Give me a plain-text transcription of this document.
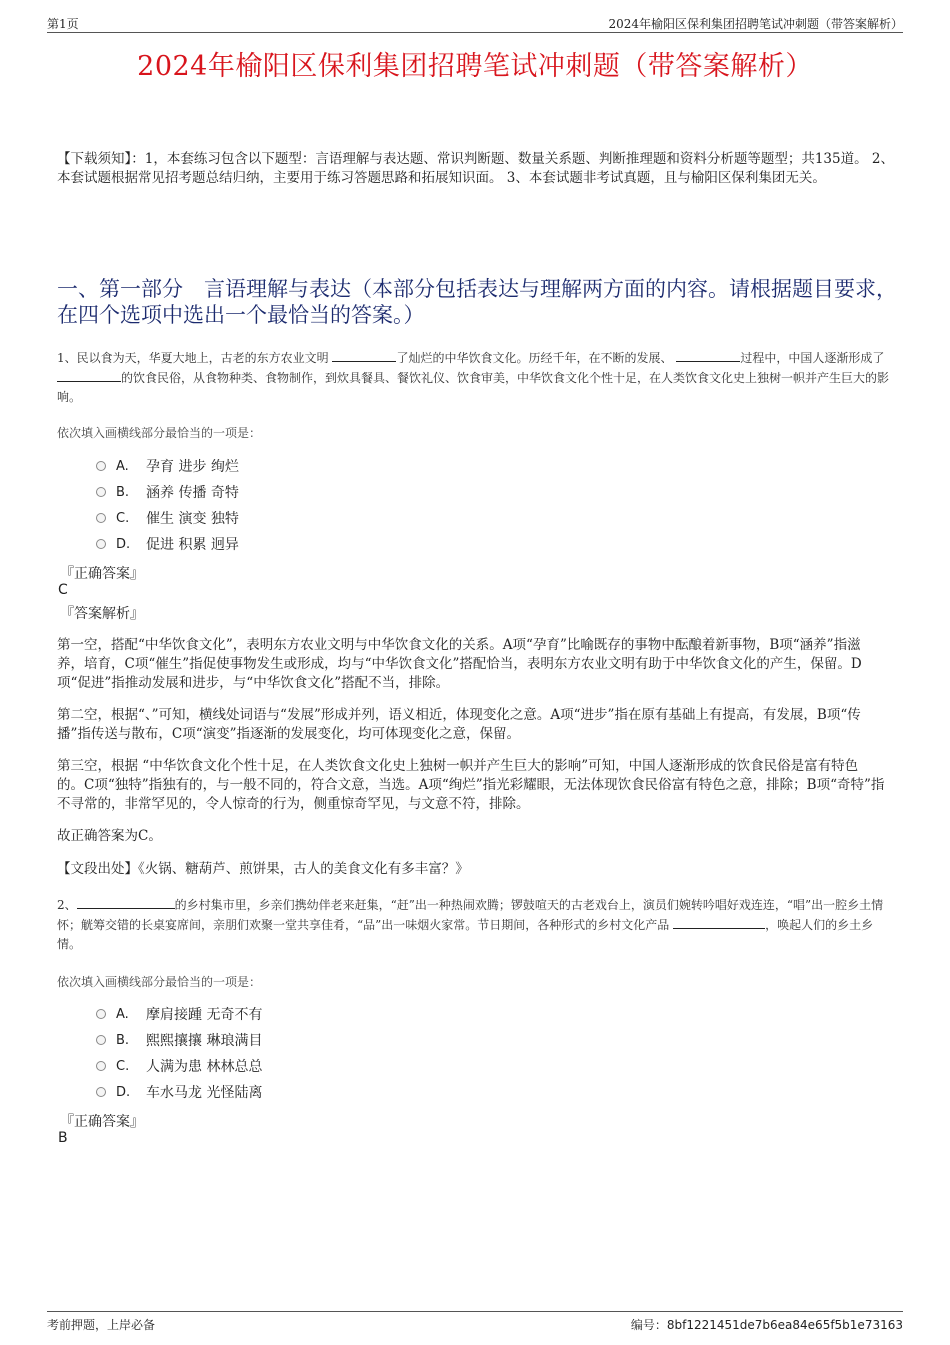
第1页	2024年榆阳区保利集团招聘笔试冲刺题（带答案解析）
2024年榆阳区保利集团招聘笔试冲刺题（带答案解析）
【下载须知】：1，本套练习包含以下题型：言语理解与表达题、常识判断题、数量关系题、判断推理题和资料分析题等题型；共135道。 2、本套试题根据常见招考题总结归纳，主要用于练习答题思路和拓展知识面。 3、本套试题非考试真题，且与榆阳区保利集团无关。
一、第一部分　言语理解与表达（本部分包括表达与理解两方面的内容。请根据题目要求，在四个选项中选出一个最恰当的答案。）
1、民以食为天，华夏大地上，古老的东方农业文明	了灿烂的中华饮食文化。历经千年，在不断的发展、	过程中，中国人逐渐形成了 的饮食民俗，从食物种类、食物制作，到炊具餐具、餐饮礼仪、饮食审美，中华饮食文化个性十足，在人类饮食文化史上独树一帜并产生巨大的影响。
依次填入画横线部分最恰当的一项是：
A.	孕育 进步 绚烂
B.	涵养 传播 奇特
C.	催生 演变 独特
D.	促进 积累 迥异
『正确答案』
C
『答案解析』
第一空，搭配“中华饮食文化”，表明东方农业文明与中华饮食文化的关系。A项“孕育”比喻既存的事物中酝酿着新事物，B项“涵养”指滋养，培育，C项“催生”指促使事物发生或形成，均与“中华饮食文化”搭配恰当，表明东方农业文明有助于中华饮食文化的产生，保留。D项“促进”指推动发展和进步，与“中华饮食文化”搭配不当，排除。
第二空，根据“、”可知，横线处词语与“发展”形成并列，语义相近，体现变化之意。A项“进步”指在原有基础上有提高，有发展，B项“传播”指传送与散布，C项“演变”指逐渐的发展变化，均可体现变化之意，保留。
第三空，根据 “中华饮食文化个性十足，在人类饮食文化史上独树一帜并产生巨大的影响”可知，中国人逐渐形成的饮食民俗是富有特色的。C项“独特”指独有的，与一般不同的，符合文意，当选。A项“绚烂”指光彩耀眼，无法体现饮食民俗富有特色之意，排除；B项“奇特”指不寻常的，非常罕见的，令人惊奇的行为，侧重惊奇罕见，与文意不符，排除。
故正确答案为C。
【文段出处】《火锅、糖葫芦、煎饼果，古人的美食文化有多丰富？》
2、	的乡村集市里，乡亲们携幼伴老来赶集，“赶”出一种热闹欢腾；锣鼓喧天的古老戏台上，演员们婉转吟唱好戏连连，“唱”出一腔乡土情怀；觥筹交错的长桌宴席间，亲朋们欢聚一堂共享佳肴，“品”出一味烟火家常。节日期间，各种形式的乡村文化产品	，唤起人们的乡土乡情。
依次填入画横线部分最恰当的一项是：
A.	摩肩接踵 无奇不有
B.	熙熙攘攘 琳琅满目
C.	人满为患 林林总总
D.	车水马龙 光怪陆离
『正确答案』
B
考前押题，上岸必备	编号：8bf1221451de7b6ea84e65f5b1e73163
